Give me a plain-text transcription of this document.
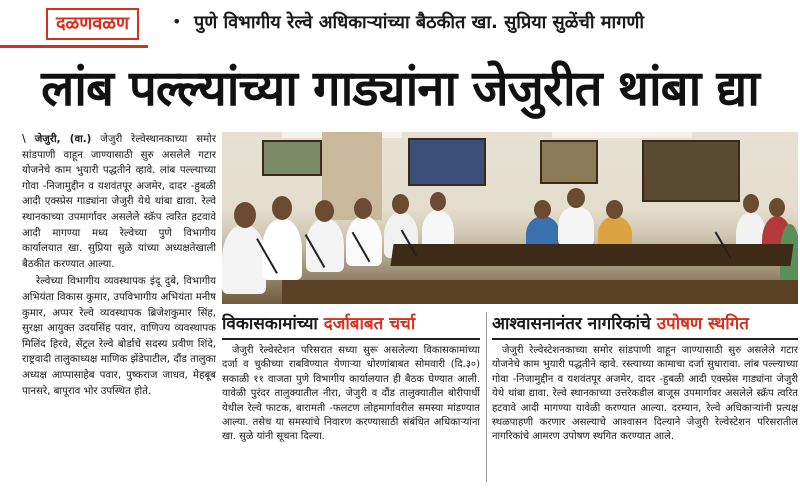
दळणवळण	• पुणे विभागीय रेल्वे अधिकाऱ्यांच्या बैठकीत खा. सुप्रिया सुळेंची मागणी
लांब पल्ल्यांच्या गाड्यांना जेजुरीत थांबा द्या

\ जेजुरी, (वा.) जेजुरी रेल्वेस्थानकाच्या समोर सांडपाणी वाहून जाण्यासाठी सुरु असलेले गटार योजनेचे काम भुयारी पद्धतीने व्हावे. लांब पल्ल्याच्या गोवा -निजामुद्दीन व यशवंतपूर अजमेर, दादर -हुबळी आदी एक्स्प्रेस गाड्यांना जेजुरी येथे थांबा द्यावा. रेल्वे स्थानकाच्या उपमार्गावर असलेले स्क्रॅप त्वरित हटवावे आदी मागण्या मध्य रेल्वेच्या पुणे विभागीय कार्यालयात खा. सुप्रिया सुळे यांच्या अध्यक्षतेखाली बैठकीत करण्यात आल्या.

रेल्वेच्या विभागीय व्यवस्थापक इंदू दुबे, विभागीय अभियंता विकास कुमार, उपविभागीय अभियंता मनीष कुमार, अप्पर रेल्वे व्यवस्थापक ब्रिजेशकुमार सिंह, सुरक्षा आयुक्त उदयसिंह पवार, वाणिज्य व्यवस्थापक मिलिंद हिरवे, सेंट्रल रेल्वे बोर्डाचे सदस्य प्रवीण शिंदे, राष्ट्रवादी तालुकाध्यक्ष माणिक झेंडेपाटील, दौंड तालुका अध्यक्ष आप्पासाहेब पवार, पुष्कराज जाधव, मेहबूब पानसरे, बापूराव भोर उपस्थित होते.

विकासकामांच्या दर्जाबाबत चर्चा

जेजुरी रेल्वेस्टेशन परिसरात सध्या सुरू असलेल्या विकासकामांच्या दर्जा व चुकीच्या राबविण्यात येणाऱ्या धोरणांबाबत सोमवारी (दि.३०) सकाळी ११ वाजता पुणे विभागीय कार्यालयात ही बैठक घेण्यात आली. यावेळी पुरंदर तालुक्यातील नीरा, जेजुरी व दौंड तालुक्यातील बोरीपार्धी येथील रेल्वे फाटक, बारामती -फलटण लोहमार्गावरील समस्या मांडण्यात आल्या. तसेच या समस्यांचे निवारण करण्यासाठी संबंधित अधिकाऱ्यांना खा. सुळे यांनी सूचना दिल्या.

आश्वासनानंतर नागरिकांचे उपोषण स्थगित

जेजुरी रेल्वेस्टेशनकाच्या समोर सांडपाणी वाहून जाण्यासाठी सुरु असलेले गटार योजनेचे काम भुयारी पद्धतीने व्हावे. रस्त्याच्या कामाचा दर्जा सुधारावा. लांब पल्ल्याच्या गोवा -निजामुद्दीन व यशवंतपूर अजमेर, दादर -हुबळी आदी एक्स्प्रेस गाड्यांना जेजुरी येथे थांबा द्यावा. रेल्वे स्थानकाच्या उत्तरेकडील बाजूस उपमार्गावर असलेले स्क्रॅप त्वरित हटवावे आदी मागण्या यावेळी करण्यात आल्या. दरम्यान, रेल्वे अधिकाऱ्यांनी प्रत्यक्ष स्थळपाहणी करणार असल्याचे आश्वासन दिल्याने जेजुरी रेल्वेस्टेशन परिसरातील नागरिकांचे आमरण उपोषण स्थगित करण्यात आले.
